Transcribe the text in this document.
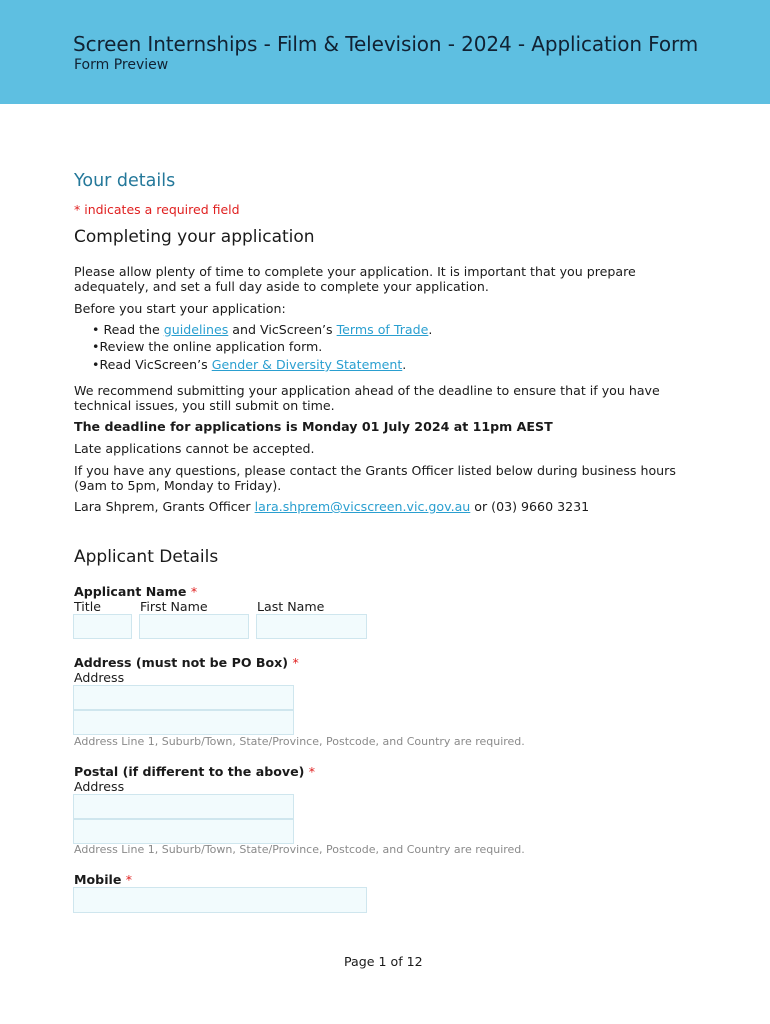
Screen Internships - Film & Television - 2024 - Application Form
Form Preview
Your details
* indicates a required field
Completing your application
Please allow plenty of time to complete your application. It is important that you prepare adequately, and set a full day aside to complete your application.
Before you start your application:
• Read the guidelines and VicScreen’s Terms of Trade.
•Review the online application form.
•Read VicScreen’s Gender & Diversity Statement.
We recommend submitting your application ahead of the deadline to ensure that if you have technical issues, you still submit on time.
The deadline for applications is Monday 01 July 2024 at 11pm AEST
Late applications cannot be accepted.
If you have any questions, please contact the Grants Officer listed below during business hours (9am to 5pm, Monday to Friday).
Lara Shprem, Grants Officer lara.shprem@vicscreen.vic.gov.au or (03) 9660 3231
Applicant Details
Applicant Name *
Title	First Name	Last Name
Address (must not be PO Box) *
Address
Address Line 1, Suburb/Town, State/Province, Postcode, and Country are required.
Postal (if different to the above) *
Address
Address Line 1, Suburb/Town, State/Province, Postcode, and Country are required.
Mobile *
Page 1 of 12
